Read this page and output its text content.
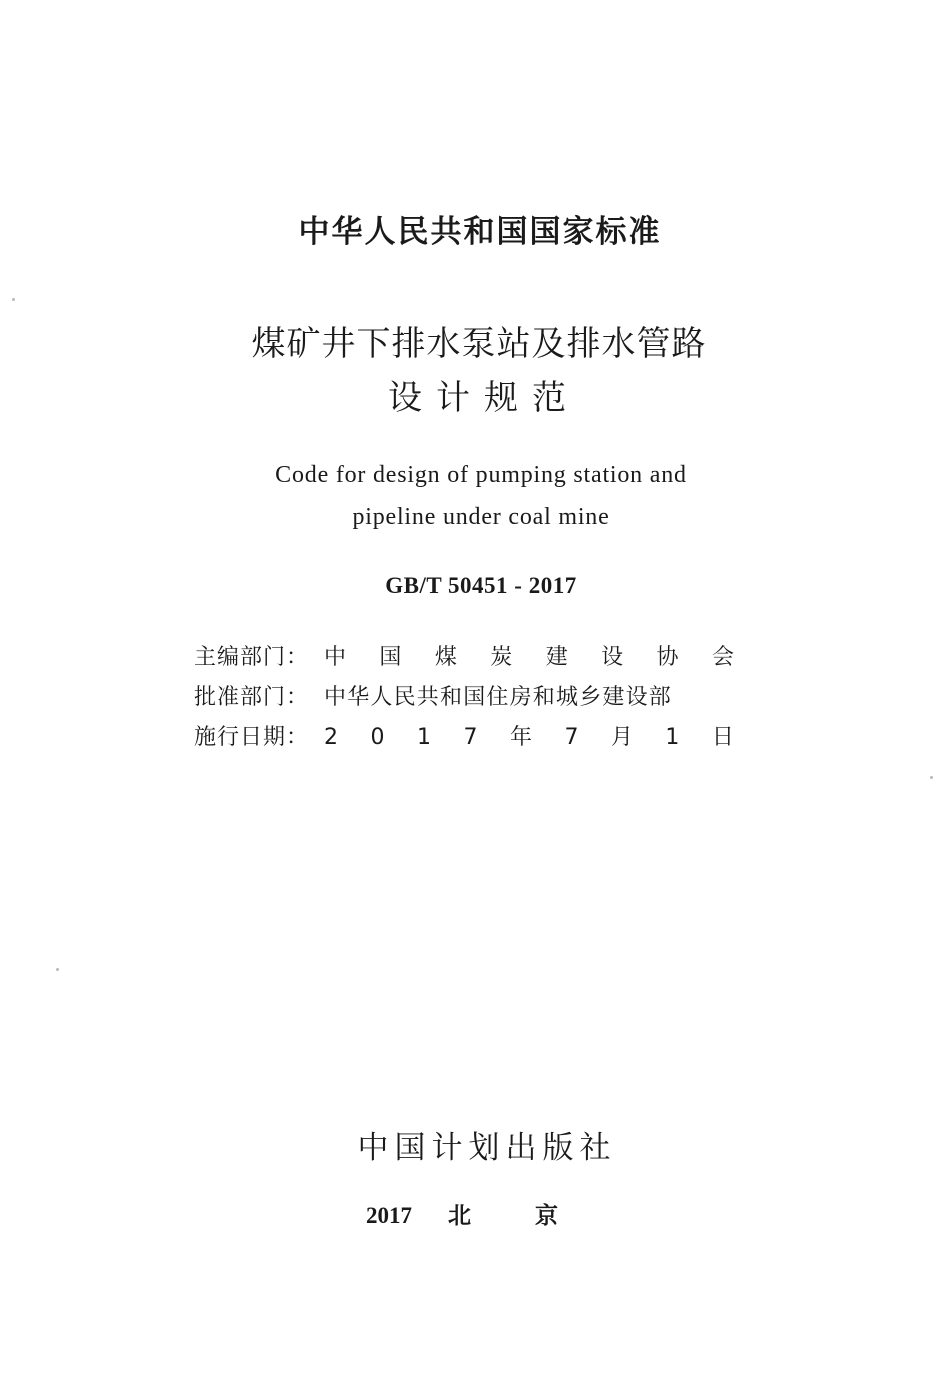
中华人民共和国国家标准
煤矿井下排水泵站及排水管路
设计规范
Code for design of pumping station and
pipeline under coal mine
GB/T 50451 - 2017
主编部门： 中 国 煤 炭 建 设 协 会
批准部门： 中华人民共和国住房和城乡建设部
施行日期： 2 0 1 7 年 7 月 1 日
中国计划出版社
2017	北	京
